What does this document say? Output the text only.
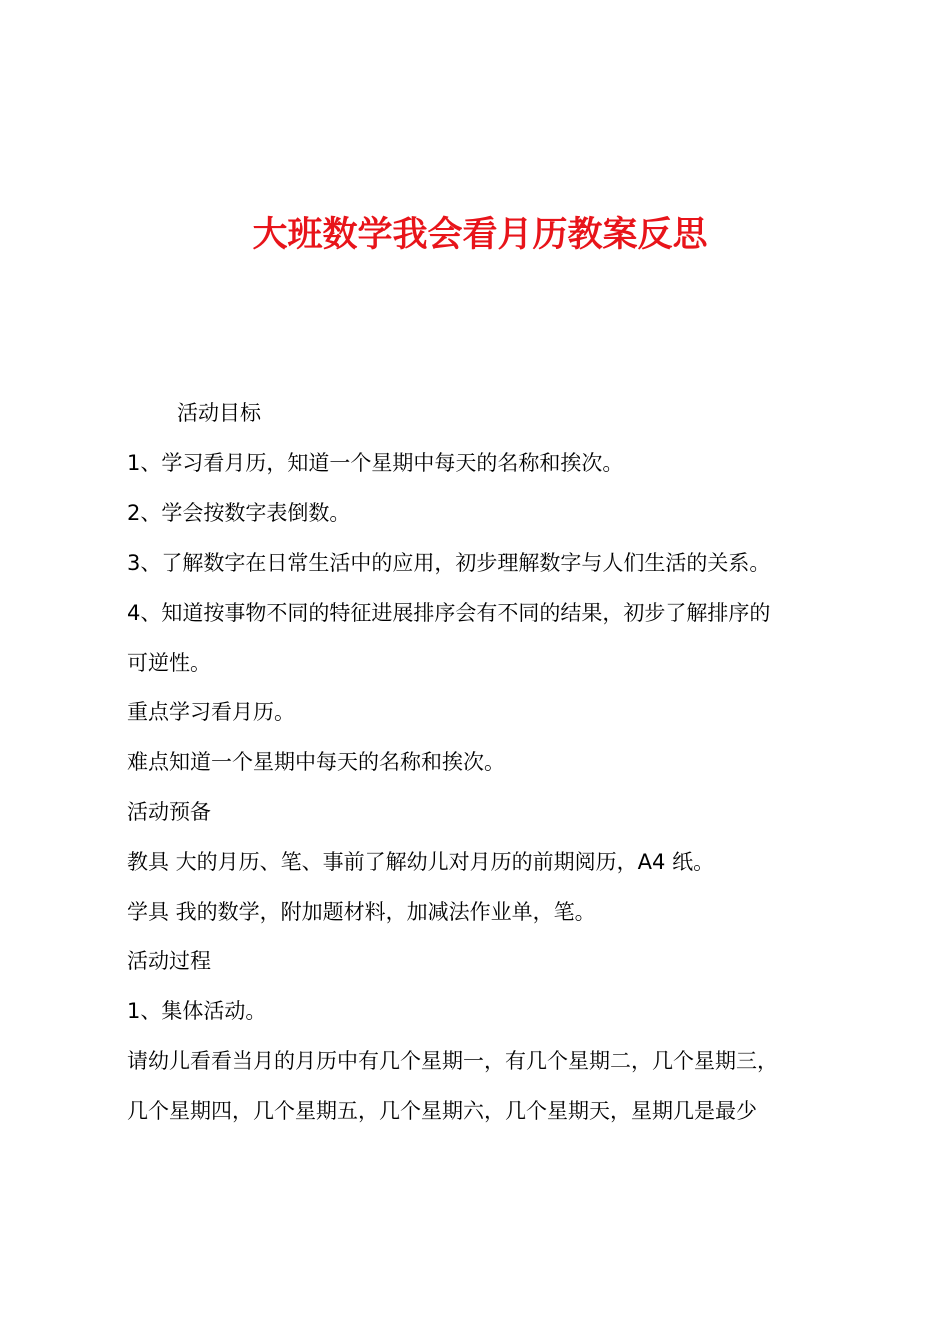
大班数学我会看月历教案反思
活动目标
1、学习看月历，知道一个星期中每天的名称和挨次。
2、学会按数字表倒数。
3、了解数字在日常生活中的应用，初步理解数字与人们生活的关系。
4、知道按事物不同的特征进展排序会有不同的结果，初步了解排序的
可逆性。
重点学习看月历。
难点知道一个星期中每天的名称和挨次。
活动预备
教具 大的月历、笔、事前了解幼儿对月历的前期阅历，A4 纸。
学具 我的数学，附加题材料，加减法作业单，笔。
活动过程
1、集体活动。
请幼儿看看当月的月历中有几个星期一，有几个星期二，几个星期三，
几个星期四，几个星期五，几个星期六，几个星期天，星期几是最少
